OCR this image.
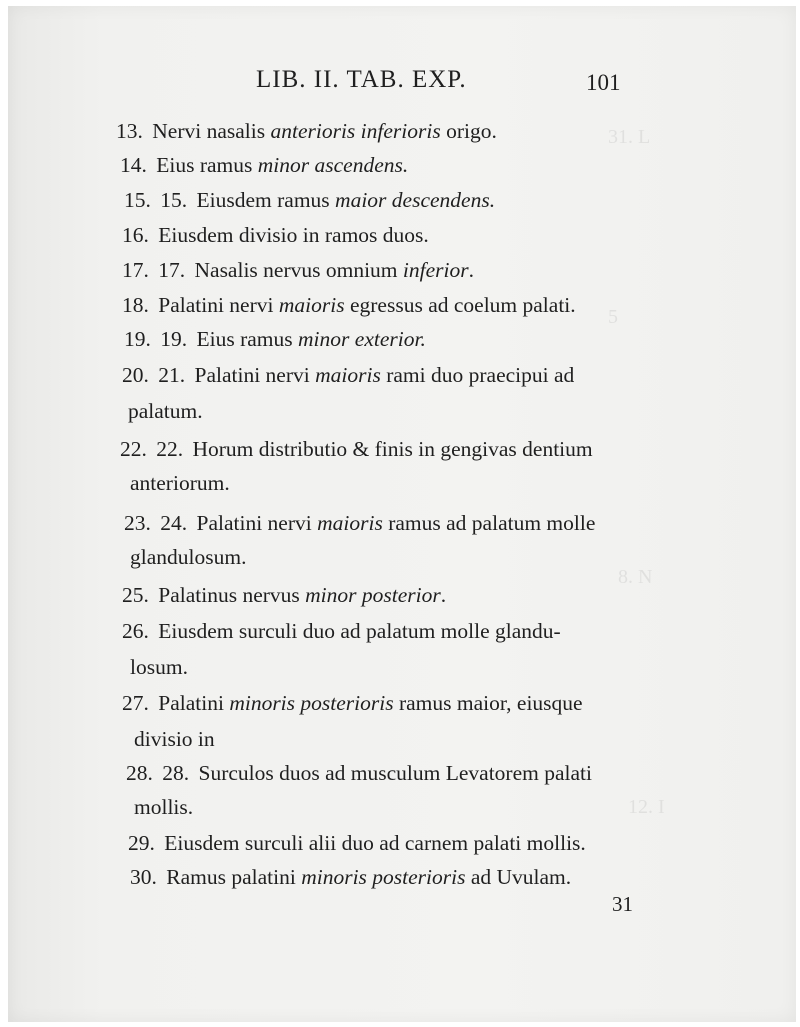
31. L
5
8. N
12. I
LIB. II. TAB. EXP.	101
13. Nervi nasalis anterioris inferioris origo.
14. Eius ramus minor ascendens.
15. 15. Eiusdem ramus maior descendens.
16. Eiusdem divisio in ramos duos.
17. 17. Nasalis nervus omnium inferior.
18. Palatini nervi maioris egressus ad coelum palati.
19. 19. Eius ramus minor exterior.
20. 21. Palatini nervi maioris rami duo praecipui ad
palatum.
22. 22. Horum distributio & finis in gengivas dentium
anteriorum.
23. 24. Palatini nervi maioris ramus ad palatum molle
glandulosum.
25. Palatinus nervus minor posterior.
26. Eiusdem surculi duo ad palatum molle glandu-
losum.
27. Palatini minoris posterioris ramus maior, eiusque
divisio in
28. 28. Surculos duos ad musculum Levatorem palati
mollis.
29. Eiusdem surculi alii duo ad carnem palati mollis.
30. Ramus palatini minoris posterioris ad Uvulam.
31
